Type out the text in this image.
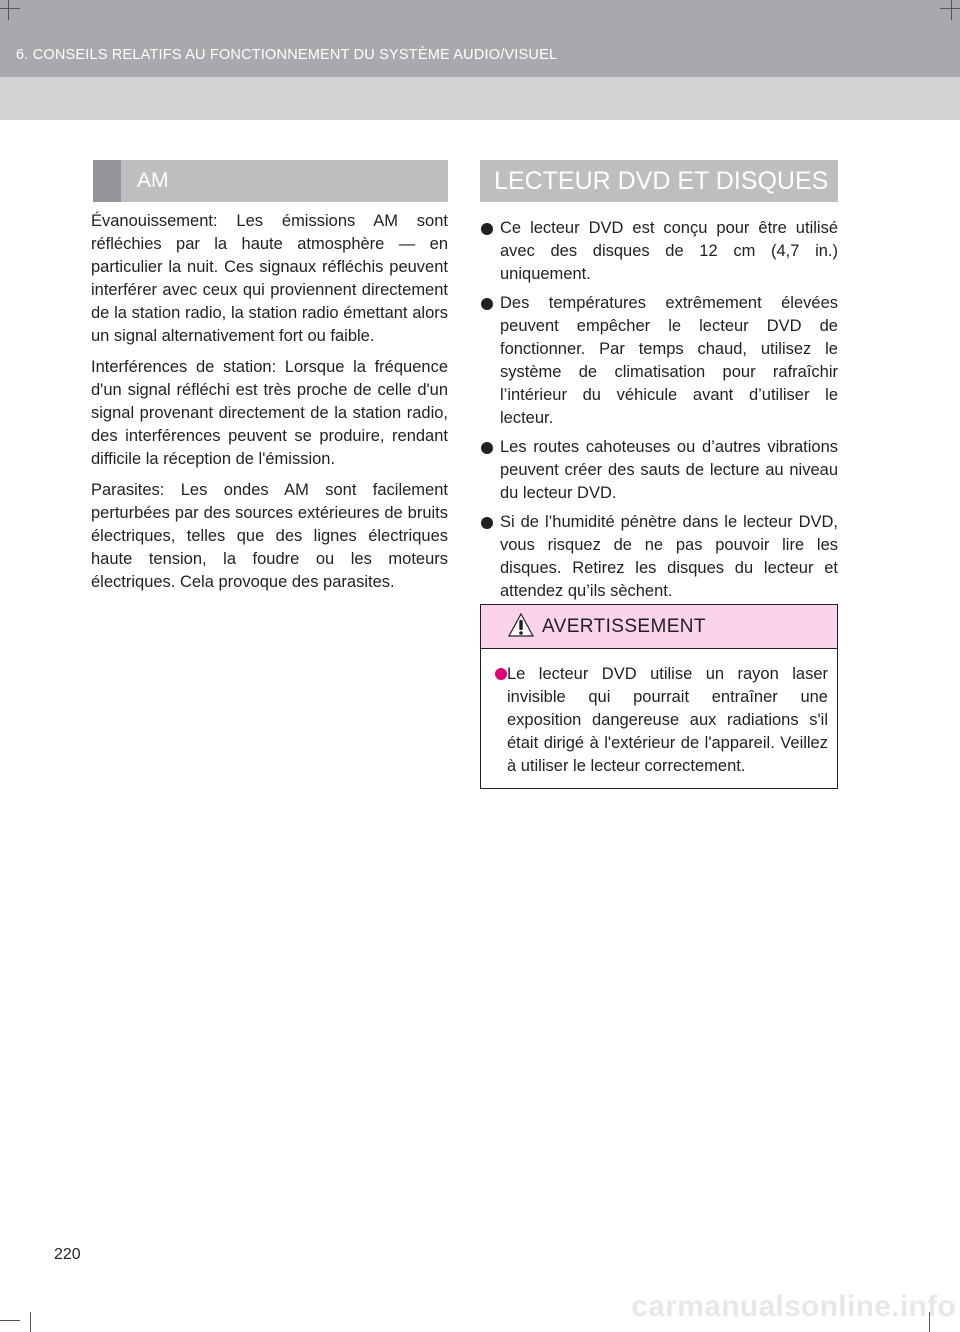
6. CONSEILS RELATIFS AU FONCTIONNEMENT DU SYSTÈME AUDIO/VISUEL
AM

Évanouissement: Les émissions AM sont réfléchies par la haute atmosphère — en particulier la nuit. Ces signaux réfléchis peuvent interférer avec ceux qui proviennent directement de la station radio, la station radio émettant alors un signal alternativement fort ou faible.

Interférences de station: Lorsque la fréquence d'un signal réfléchi est très proche de celle d'un signal provenant directement de la station radio, des interférences peuvent se produire, rendant difficile la réception de l'émission.

Parasites: Les ondes AM sont facilement perturbées par des sources extérieures de bruits électriques, telles que des lignes électriques haute tension, la foudre ou les moteurs électriques. Cela provoque des parasites.

LECTEUR DVD ET DISQUES
Ce lecteur DVD est conçu pour être utilisé avec des disques de 12 cm (4,7 in.) uniquement.
Des températures extrêmement élevées peuvent empêcher le lecteur DVD de fonctionner. Par temps chaud, utilisez le système de climatisation pour rafraîchir l’intérieur du véhicule avant d’utiliser le lecteur.
Les routes cahoteuses ou d’autres vibrations peuvent créer des sauts de lecture au niveau du lecteur DVD.
Si de l’humidité pénètre dans le lecteur DVD, vous risquez de ne pas pouvoir lire les disques. Retirez les disques du lecteur et attendez qu’ils sèchent.
AVERTISSEMENT
Le lecteur DVD utilise un rayon laser invisible qui pourrait entraîner une exposition dangereuse aux radiations s'il était dirigé à l'extérieur de l'appareil. Veillez à utiliser le lecteur correctement.
220
carmanualsonline.info
